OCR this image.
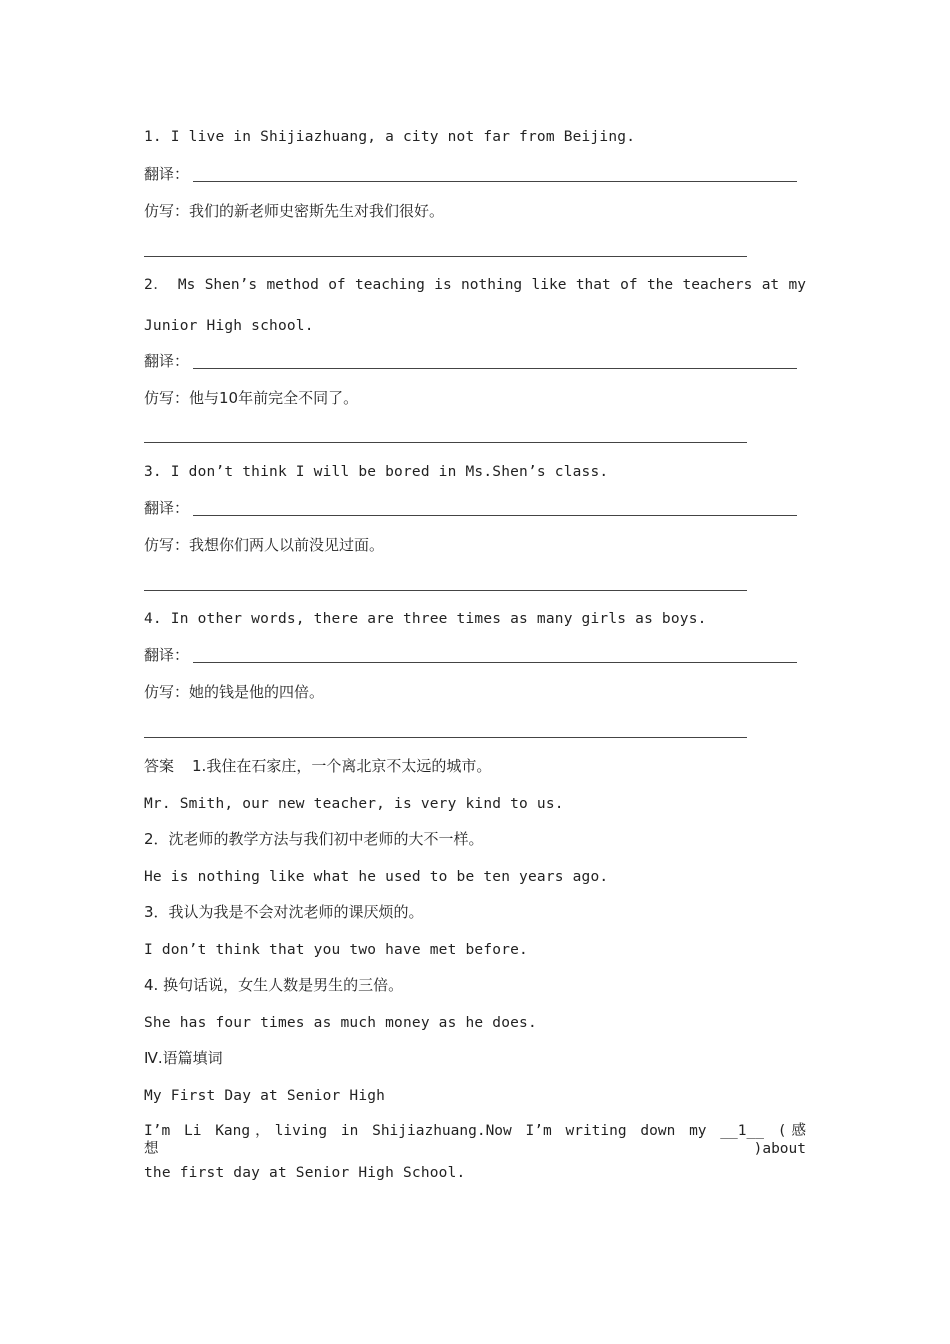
1. I live in Shijiazhuang, a city not far from Beijing.
翻译：
仿写：我们的新老师史密斯先生对我们很好。
2． Ms Shen’s method of teaching is nothing like that of the teachers at my
Junior High school.
翻译：
仿写：他与10年前完全不同了。
3. I don’t think I will be bored in Ms.Shen’s class.
翻译：
仿写：我想你们两人以前没见过面。
4. In other words, there are three times as many girls as boys.
翻译：
仿写：她的钱是他的四倍。
答案 1.我住在石家庄，一个离北京不太远的城市。
Mr. Smith, our new teacher, is very kind to us.
2．沈老师的教学方法与我们初中老师的大不一样。
He is nothing like what he used to be ten years ago.
3．我认为我是不会对沈老师的课厌烦的。
I don’t think that you two have met before.
4. 换句话说，女生人数是男生的三倍。
She has four times as much money as he does.
Ⅳ.语篇填词
My First Day at Senior High
I’m Li Kang，living in Shijiazhuang.Now I’m writing down my __1__ (感想)about
the first day at Senior High School.
